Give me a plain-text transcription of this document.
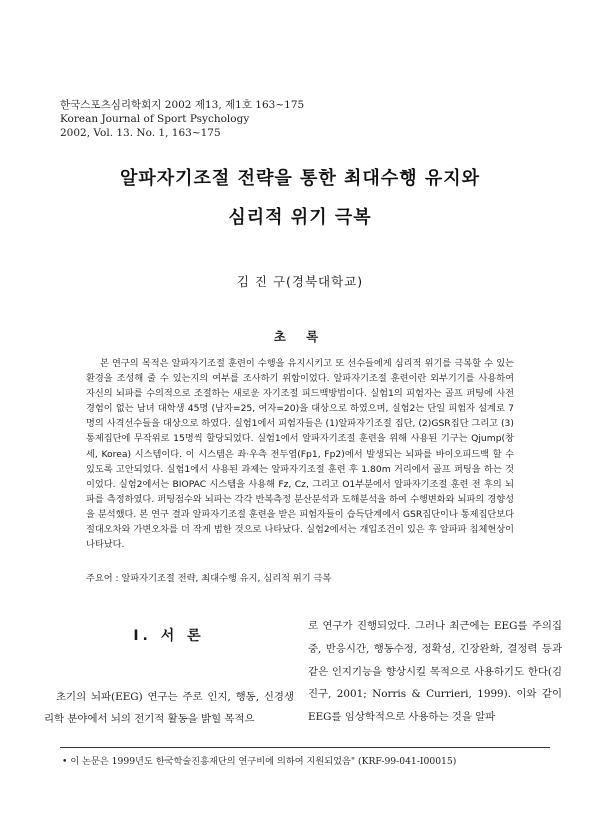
한국스포츠심리학회지 2002 제13, 제1호 163~175
Korean Journal of Sport Psychology
2002, Vol. 13. No. 1, 163~175
알파자기조절 전략을 통한 최대수행 유지와
심리적 위기 극복
김 진 구(경북대학교)
초 록

본 연구의 목적은 알파자기조절 훈련이 수행을 유지시키고 또 선수들에게 심리적 위기를 극복할 수 있는 환경을 조성해 줄 수 있는지의 여부를 조사하기 위함이었다. 알파자기조절 훈련이란 외부기기를 사용하여 자신의 뇌파를 수의적으로 조절하는 새로운 자기조절 피드백방법이다. 실험1의 피험자는 골프 퍼팅에 사전 경험이 없는 남녀 대학생 45명 (남자=25, 여자=20)을 대상으로 하였으며, 실험2는 단일 피험자 설계로 7명의 사격선수들을 대상으로 하였다. 실험1에서 피험자들은 (1)알파자기조절 집단, (2)GSR집단 그리고 (3) 통제집단에 무작위로 15명씩 할당되었다. 실험1에서 알파자기조절 훈련을 위해 사용된 기구는 Qjump(창세, Korea) 시스템이다. 이 시스템은 좌·우측 전두엽(Fp1, Fp2)에서 발생되는 뇌파를 바이오피드백 할 수 있도록 고안되었다. 실험1에서 사용된 과제는 알파자기조절 훈련 후 1.80m 거리에서 골프 퍼팅을 하는 것이었다. 실험2에서는 BIOPAC 시스템을 사용해 Fz, Cz, 그리고 O1부분에서 알파자기조절 훈련 전 후의 뇌파를 측정하였다. 퍼팅점수와 뇌파는 각각 반복측정 분산분석과 도해분석을 하여 수행변화와 뇌파의 경향성을 분석했다. 본 연구 결과 알파자기조절 훈련을 받은 피험자들이 습득단계에서 GSR집단이나 통제집단보다 절대오차와 가변오차를 더 작게 범한 것으로 나타났다. 실험2에서는 개입조건이 있은 후 알파파 침체현상이 나타났다.

주요어 : 알파자기조절 전략, 최대수행 유지, 심리적 위기 극복
I. 서 론

초기의 뇌파(EEG) 연구는 주로 인지, 행동, 신경생리학 분야에서 뇌의 전기적 활동을 밝힐 목적으

로 연구가 진행되었다. 그러나 최근에는 EEG를 주의집중, 반응시간, 행동수정, 정확성, 긴장완화, 결정력 등과 같은 인지기능을 향상시킬 목적으로 사용하기도 한다(김진구, 2001; Norris & Currieri, 1999). 이와 같이 EEG를 임상학적으로 사용하는 것을 알파

• 이 논문은 1999년도 한국학술진흥재단의 연구비에 의하여 지원되었음" (KRF-99-041-I00015)
